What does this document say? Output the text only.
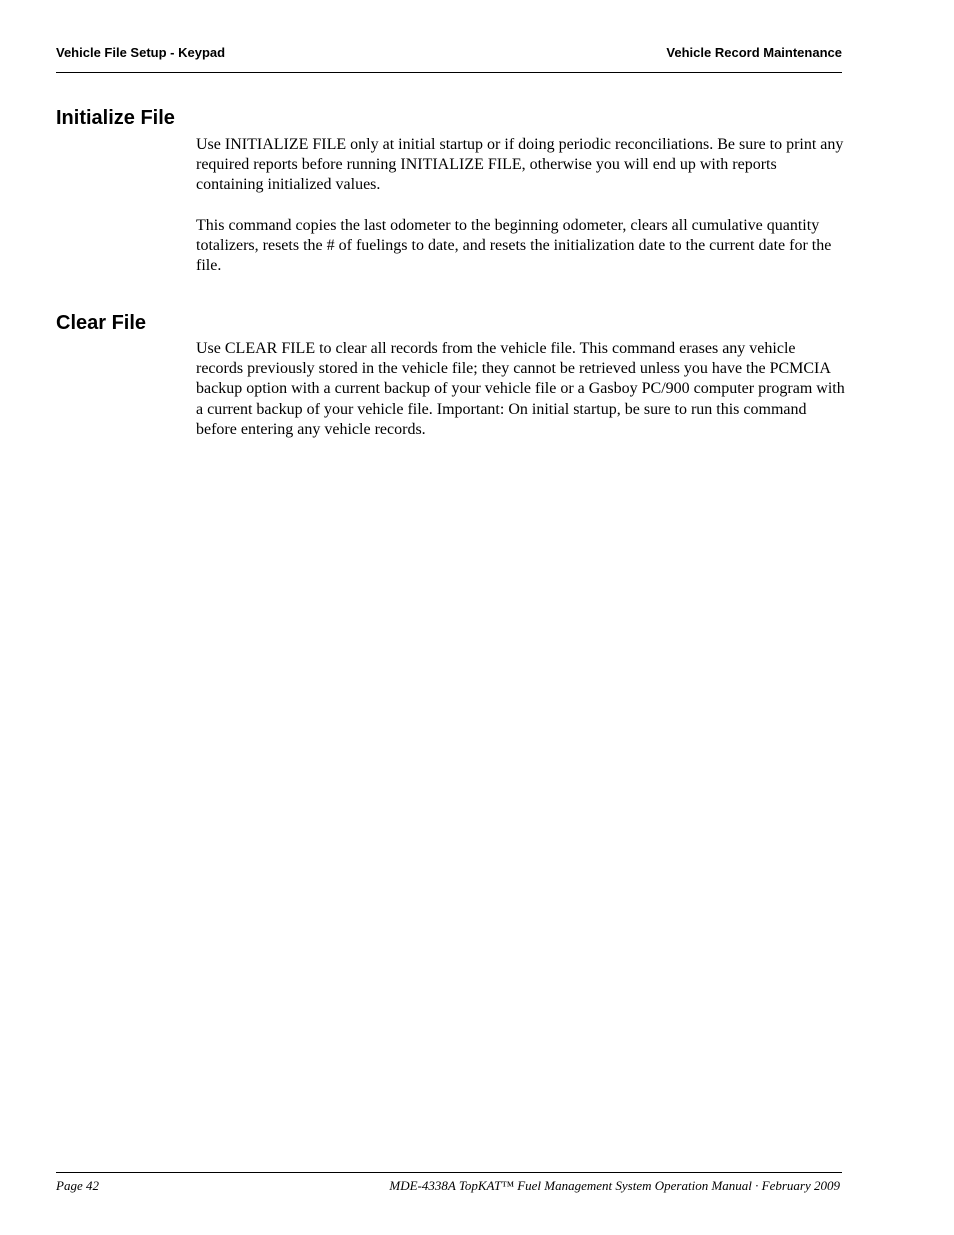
Vehicle File Setup - Keypad	Vehicle Record Maintenance
Initialize File

Use INITIALIZE FILE only at initial startup or if doing periodic reconciliations. Be sure to print any required reports before running INITIALIZE FILE, otherwise you will end up with reports containing initialized values.

This command copies the last odometer to the beginning odometer, clears all cumulative quantity totalizers, resets the # of fuelings to date, and resets the initialization date to the current date for the file.

Clear File

Use CLEAR FILE to clear all records from the vehicle file. This command erases any vehicle records previously stored in the vehicle file; they cannot be retrieved unless you have the PCMCIA backup option with a current backup of your vehicle file or a Gasboy PC/900 computer program with a current backup of your vehicle file. Important: On initial startup, be sure to run this command before entering any vehicle records.

Page 42	MDE-4338A TopKAT™ Fuel Management System Operation Manual · February 2009
